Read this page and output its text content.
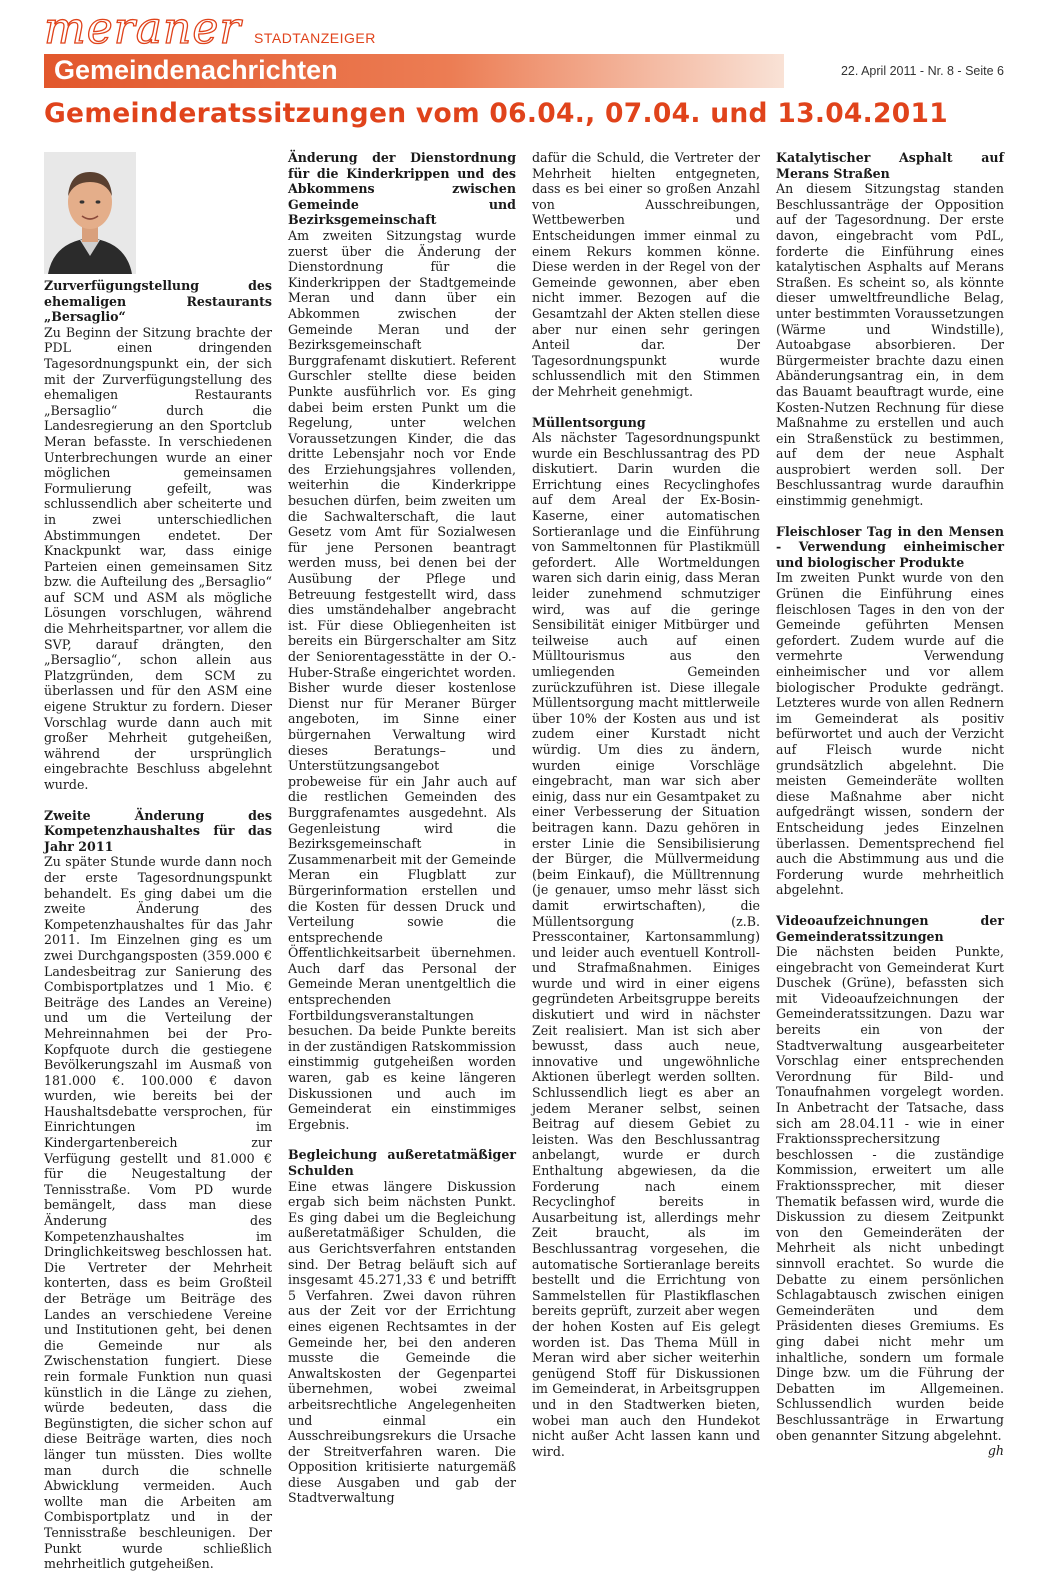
meraner STADTANZEIGER
Gemeindenachrichten	22. April 2011 - Nr. 8 - Seite 6
Gemeinderatssitzungen vom 06.04., 07.04. und 13.04.2011
Zurverfügungstellung des ehemaligen Restaurants „Bersaglio“

Zu Beginn der Sitzung brachte der PDL einen dringenden Tagesordnungspunkt ein, der sich mit der Zurverfügungstellung des ehemaligen Restaurants „Bersaglio“ durch die Landesregierung an den Sportclub Meran befasste. In verschiedenen Unterbrechungen wurde an einer möglichen gemeinsamen Formulierung gefeilt, was schlussendlich aber scheiterte und in zwei unterschiedlichen Abstimmungen endetet. Der Knackpunkt war, dass einige Parteien einen gemeinsamen Sitz bzw. die Aufteilung des „Bersaglio“ auf SCM und ASM als mögliche Lösungen vorschlugen, während die Mehrheitspartner, vor allem die SVP, darauf drängten, den „Bersaglio“, schon allein aus Platzgründen, dem SCM zu überlassen und für den ASM eine eigene Struktur zu fordern. Dieser Vorschlag wurde dann auch mit großer Mehrheit gutgeheißen, während der ursprünglich eingebrachte Beschluss abgelehnt wurde.

Zweite Änderung des Kompetenzhaushaltes für das Jahr 2011

Zu später Stunde wurde dann noch der erste Tagesordnungspunkt behandelt. Es ging dabei um die zweite Änderung des Kompetenzhaushaltes für das Jahr 2011. Im Einzelnen ging es um zwei Durchgangsposten (359.000 € Landesbeitrag zur Sanierung des Combisportplatzes und 1 Mio. € Beiträge des Landes an Vereine) und um die Verteilung der Mehreinnahmen bei der Pro-Kopfquote durch die gestiegene Bevölkerungszahl im Ausmaß von 181.000 €. 100.000 € davon wurden, wie bereits bei der Haushaltsdebatte versprochen, für Einrichtungen im Kindergartenbereich zur Verfügung gestellt und 81.000 € für die Neugestaltung der Tennisstraße. Vom PD wurde bemängelt, dass man diese Änderung des Kompetenzhaushaltes im Dringlichkeitsweg beschlossen hat. Die Vertreter der Mehrheit konterten, dass es beim Großteil der Beträge um Beiträge des Landes an verschiedene Vereine und Institutionen geht, bei denen die Gemeinde nur als Zwischenstation fungiert. Diese rein formale Funktion nun quasi künstlich in die Länge zu ziehen, würde bedeuten, dass die Begünstigten, die sicher schon auf diese Beiträge warten, dies noch länger tun müssten. Dies wollte man durch die schnelle Abwicklung vermeiden. Auch wollte man die Arbeiten am Combisportplatz und in der Tennisstraße beschleunigen. Der Punkt wurde schließlich mehrheitlich gutgeheißen.

Änderung der Dienstordnung für die Kinderkrippen und des Abkommens zwischen Gemeinde und Bezirksgemeinschaft

Am zweiten Sitzungstag wurde zuerst über die Änderung der Dienstordnung für die Kinderkrippen der Stadtgemeinde Meran und dann über ein Abkommen zwischen der Gemeinde Meran und der Bezirksgemeinschaft Burggrafenamt diskutiert. Referent Gurschler stellte diese beiden Punkte ausführlich vor. Es ging dabei beim ersten Punkt um die Regelung, unter welchen Voraussetzungen Kinder, die das dritte Lebensjahr noch vor Ende des Erziehungsjahres vollenden, weiterhin die Kinderkrippe besuchen dürfen, beim zweiten um die Sachwalterschaft, die laut Gesetz vom Amt für Sozialwesen für jene Personen beantragt werden muss, bei denen bei der Ausübung der Pflege und Betreuung festgestellt wird, dass dies umständehalber angebracht ist. Für diese Obliegenheiten ist bereits ein Bürgerschalter am Sitz der Seniorentagesstätte in der O.-Huber-Straße eingerichtet worden. Bisher wurde dieser kostenlose Dienst nur für Meraner Bürger angeboten, im Sinne einer bürgernahen Verwaltung wird dieses Beratungs– und Unterstützungsangebot probeweise für ein Jahr auch auf die restlichen Gemeinden des Burggrafenamtes ausgedehnt. Als Gegenleistung wird die Bezirksgemeinschaft in Zusammenarbeit mit der Gemeinde Meran ein Flugblatt zur Bürgerinformation erstellen und die Kosten für dessen Druck und Verteilung sowie die entsprechende Öffentlichkeitsarbeit übernehmen. Auch darf das Personal der Gemeinde Meran unentgeltlich die entsprechenden Fortbildungsveranstaltungen besuchen. Da beide Punkte bereits in der zuständigen Ratskommission einstimmig gutgeheißen worden waren, gab es keine längeren Diskussionen und auch im Gemeinderat ein einstimmiges Ergebnis.

Begleichung außeretatmäßiger Schulden

Eine etwas längere Diskussion ergab sich beim nächsten Punkt. Es ging dabei um die Begleichung außeretatmäßiger Schulden, die aus Gerichtsverfahren entstanden sind. Der Betrag beläuft sich auf insgesamt 45.271,33 € und betrifft 5 Verfahren. Zwei davon rühren aus der Zeit vor der Errichtung eines eigenen Rechtsamtes in der Gemeinde her, bei den anderen musste die Gemeinde die Anwaltskosten der Gegenpartei übernehmen, wobei zweimal arbeitsrechtliche Angelegenheiten und einmal ein Ausschreibungsrekurs die Ursache der Streitverfahren waren. Die Opposition kritisierte naturgemäß diese Ausgaben und gab der Stadtverwaltung

dafür die Schuld, die Vertreter der Mehrheit hielten entgegneten, dass es bei einer so großen Anzahl von Ausschreibungen, Wettbewerben und Entscheidungen immer einmal zu einem Rekurs kommen könne. Diese werden in der Regel von der Gemeinde gewonnen, aber eben nicht immer. Bezogen auf die Gesamtzahl der Akten stellen diese aber nur einen sehr geringen Anteil dar. Der Tagesordnungspunkt wurde schlussendlich mit den Stimmen der Mehrheit genehmigt.

Müllentsorgung

Als nächster Tagesordnungspunkt wurde ein Beschlussantrag des PD diskutiert. Darin wurden die Errichtung eines Recyclinghofes auf dem Areal der Ex-Bosin-Kaserne, einer automatischen Sortieranlage und die Einführung von Sammeltonnen für Plastikmüll gefordert. Alle Wortmeldungen waren sich darin einig, dass Meran leider zunehmend schmutziger wird, was auf die geringe Sensibilität einiger Mitbürger und teilweise auch auf einen Mülltourismus aus den umliegenden Gemeinden zurückzuführen ist. Diese illegale Müllentsorgung macht mittlerweile über 10% der Kosten aus und ist zudem einer Kurstadt nicht würdig. Um dies zu ändern, wurden einige Vorschläge eingebracht, man war sich aber einig, dass nur ein Gesamtpaket zu einer Verbesserung der Situation beitragen kann. Dazu gehören in erster Linie die Sensibilisierung der Bürger, die Müllvermeidung (beim Einkauf), die Mülltrennung (je genauer, umso mehr lässt sich damit erwirtschaften), die Müllentsorgung (z.B. Presscontainer, Kartonsammlung) und leider auch eventuell Kontroll- und Strafmaßnahmen. Einiges wurde und wird in einer eigens gegründeten Arbeitsgruppe bereits diskutiert und wird in nächster Zeit realisiert. Man ist sich aber bewusst, dass auch neue, innovative und ungewöhnliche Aktionen überlegt werden sollten. Schlussendlich liegt es aber an jedem Meraner selbst, seinen Beitrag auf diesem Gebiet zu leisten. Was den Beschlussantrag anbelangt, wurde er durch Enthaltung abgewiesen, da die Forderung nach einem Recyclinghof bereits in Ausarbeitung ist, allerdings mehr Zeit braucht, als im Beschlussantrag vorgesehen, die automatische Sortieranlage bereits bestellt und die Errichtung von Sammelstellen für Plastikflaschen bereits geprüft, zurzeit aber wegen der hohen Kosten auf Eis gelegt worden ist. Das Thema Müll in Meran wird aber sicher weiterhin genügend Stoff für Diskussionen im Gemeinderat, in Arbeitsgruppen und in den Stadtwerken bieten, wobei man auch den Hundekot nicht außer Acht lassen kann und wird.

Katalytischer Asphalt auf Merans Straßen

An diesem Sitzungstag standen Beschlussanträge der Opposition auf der Tagesordnung. Der erste davon, eingebracht vom PdL, forderte die Einführung eines katalytischen Asphalts auf Merans Straßen. Es scheint so, als könnte dieser umweltfreundliche Belag, unter bestimmten Voraussetzungen (Wärme und Windstille), Autoabgase absorbieren. Der Bürgermeister brachte dazu einen Abänderungsantrag ein, in dem das Bauamt beauftragt wurde, eine Kosten-Nutzen Rechnung für diese Maßnahme zu erstellen und auch ein Straßenstück zu bestimmen, auf dem der neue Asphalt ausprobiert werden soll. Der Beschlussantrag wurde daraufhin einstimmig genehmigt.

Fleischloser Tag in den Mensen - Verwendung einheimischer und biologischer Produkte

Im zweiten Punkt wurde von den Grünen die Einführung eines fleischlosen Tages in den von der Gemeinde geführten Mensen gefordert. Zudem wurde auf die vermehrte Verwendung einheimischer und vor allem biologischer Produkte gedrängt. Letzteres wurde von allen Rednern im Gemeinderat als positiv befürwortet und auch der Verzicht auf Fleisch wurde nicht grundsätzlich abgelehnt. Die meisten Gemeinderäte wollten diese Maßnahme aber nicht aufgedrängt wissen, sondern der Entscheidung jedes Einzelnen überlassen. Dementsprechend fiel auch die Abstimmung aus und die Forderung wurde mehrheitlich abgelehnt.

Videoaufzeichnungen der Gemeinderatssitzungen

Die nächsten beiden Punkte, eingebracht von Gemeinderat Kurt Duschek (Grüne), befassten sich mit Videoaufzeichnungen der Gemeinderatssitzungen. Dazu war bereits ein von der Stadtverwaltung ausgearbeiteter Vorschlag einer entsprechenden Verordnung für Bild- und Tonaufnahmen vorgelegt worden. In Anbetracht der Tatsache, dass sich am 28.04.11 - wie in einer Fraktionssprechersitzung beschlossen - die zuständige Kommission, erweitert um alle Fraktionssprecher, mit dieser Thematik befassen wird, wurde die Diskussion zu diesem Zeitpunkt von den Gemeinderäten der Mehrheit als nicht unbedingt sinnvoll erachtet. So wurde die Debatte zu einem persönlichen Schlagabtausch zwischen einigen Gemeinderäten und dem Präsidenten dieses Gremiums. Es ging dabei nicht mehr um inhaltliche, sondern um formale Dinge bzw. um die Führung der Debatten im Allgemeinen. Schlussendlich wurden beide Beschlussanträge in Erwartung oben genannter Sitzung abgelehnt.
gh
